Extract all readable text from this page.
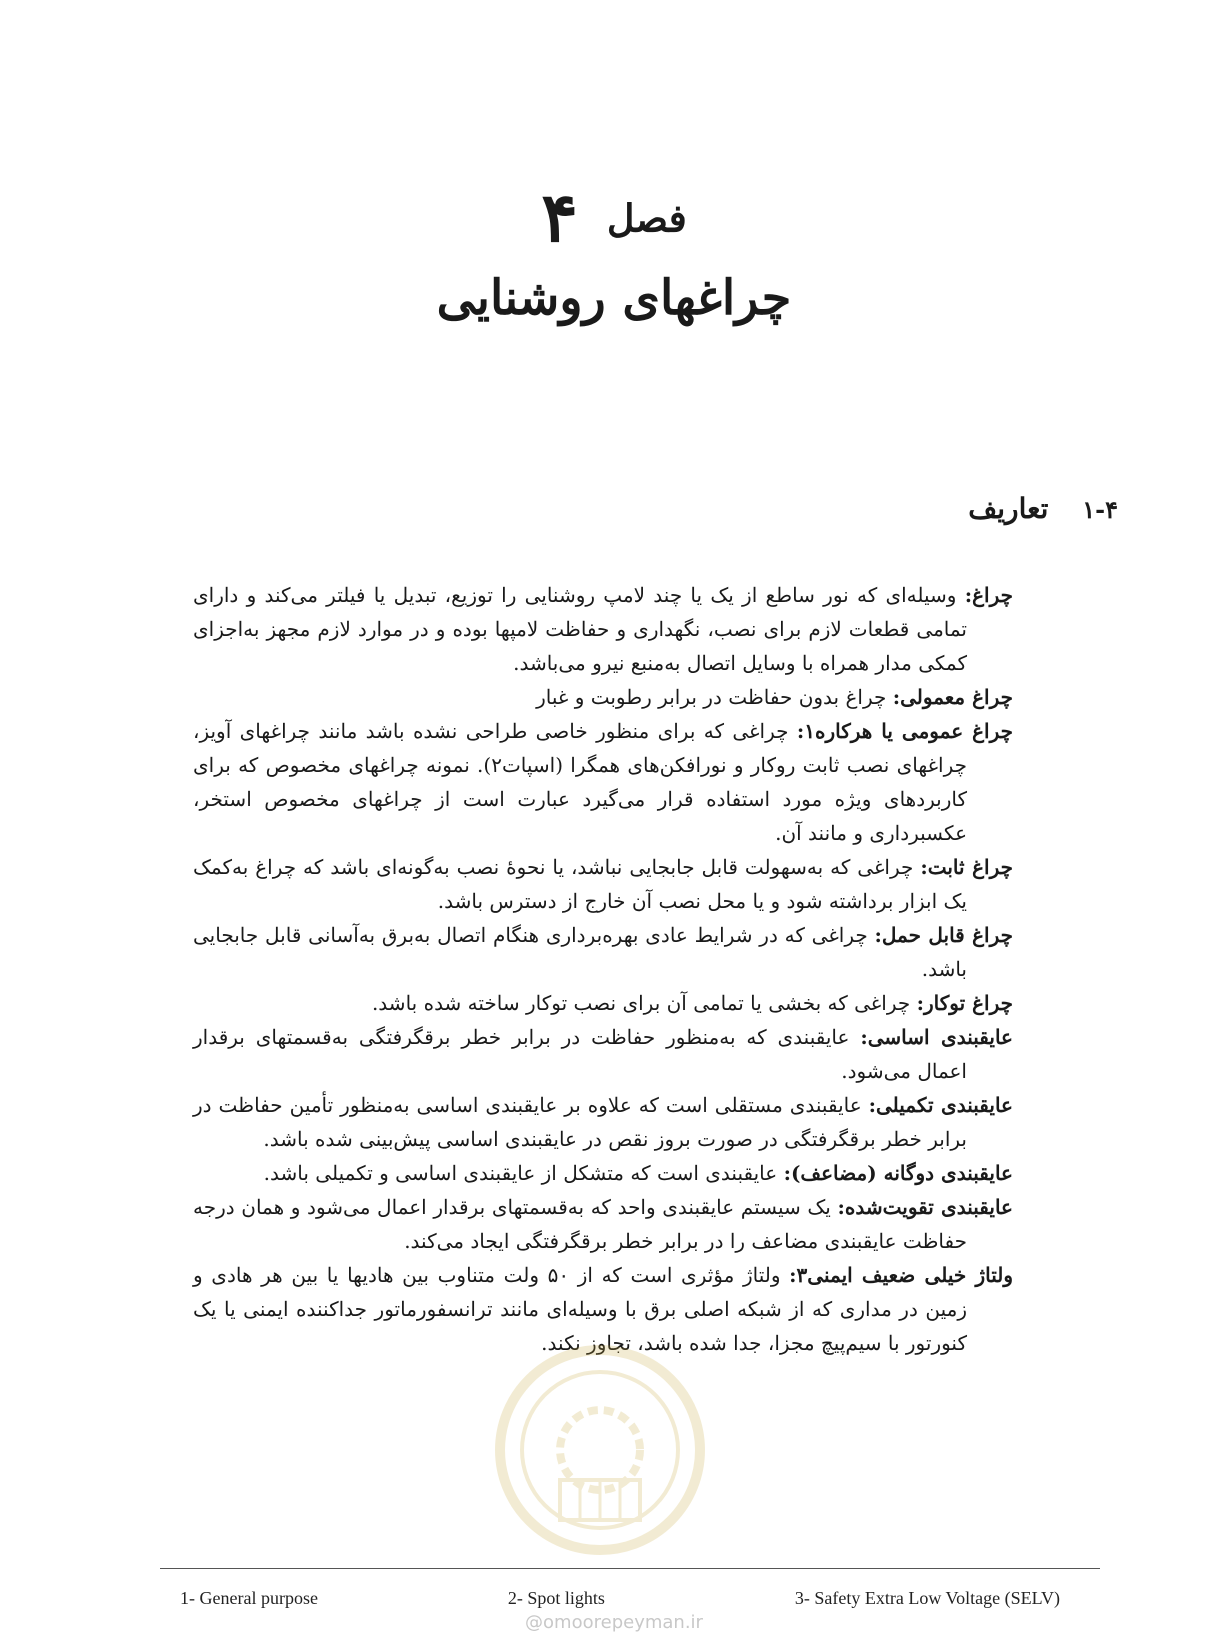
فصل ۴
چراغهای روشنایی
۱-۴ تعاریف

چراغ: وسیله‌ای که نور ساطع از یک یا چند لامپ روشنایی را توزیع، تبدیل یا فیلتر می‌کند و دارای تمامی قطعات لازم برای نصب، نگهداری و حفاظت لامپها بوده و در موارد لازم مجهز به‌اجزای کمکی مدار همراه با وسایل اتصال به‌منبع نیرو می‌باشد.

چراغ معمولی: چراغ بدون حفاظت در برابر رطوبت و غبار

چراغ عمومی یا هرکاره۱: چراغی که برای منظور خاصی طراحی نشده باشد مانند چراغهای آویز، چراغهای نصب ثابت روکار و نورافکن‌های همگرا (اسپات۲). نمونه چراغهای مخصوص که برای کاربردهای ویژه مورد استفاده قرار می‌گیرد عبارت است از چراغهای مخصوص استخر، عکسبرداری و مانند آن.

چراغ ثابت: چراغی که به‌سهولت قابل جابجایی نباشد، یا نحوهٔ نصب به‌گونه‌ای باشد که چراغ به‌کمک یک ابزار برداشته شود و یا محل نصب آن خارج از دسترس باشد.

چراغ قابل حمل: چراغی که در شرایط عادی بهره‌برداری هنگام اتصال به‌برق به‌آسانی قابل جابجایی باشد.

چراغ توکار: چراغی که بخشی یا تمامی آن برای نصب توکار ساخته شده باشد.

عایقبندی اساسی: عایقبندی که به‌منظور حفاظت در برابر خطر برقگرفتگی به‌قسمتهای برقدار اعمال می‌شود.

عایقبندی تکمیلی: عایقبندی مستقلی است که علاوه بر عایقبندی اساسی به‌منظور تأمین حفاظت در برابر خطر برقگرفتگی در صورت بروز نقص در عایقبندی اساسی پیش‌بینی شده باشد.

عایقبندی دوگانه (مضاعف): عایقبندی است که متشکل از عایقبندی اساسی و تکمیلی باشد.

عایقبندی تقویت‌شده: یک سیستم عایقبندی واحد که به‌قسمتهای برقدار اعمال می‌شود و همان درجه حفاظت عایقبندی مضاعف را در برابر خطر برقگرفتگی ایجاد می‌کند.

ولتاژ خیلی ضعیف ایمنی۳: ولتاژ مؤثری است که از ۵۰ ولت متناوب بین هادیها یا بین هر هادی و زمین در مداری که از شبکه اصلی برق با وسیله‌ای مانند ترانسفورماتور جداکننده ایمنی یا یک کنورتور با سیم‌پیچ مجزا، جدا شده باشد، تجاوز نکند.

1- General purpose	2- Spot lights	3- Safety Extra Low Voltage (SELV)
@omoorepeyman.ir
